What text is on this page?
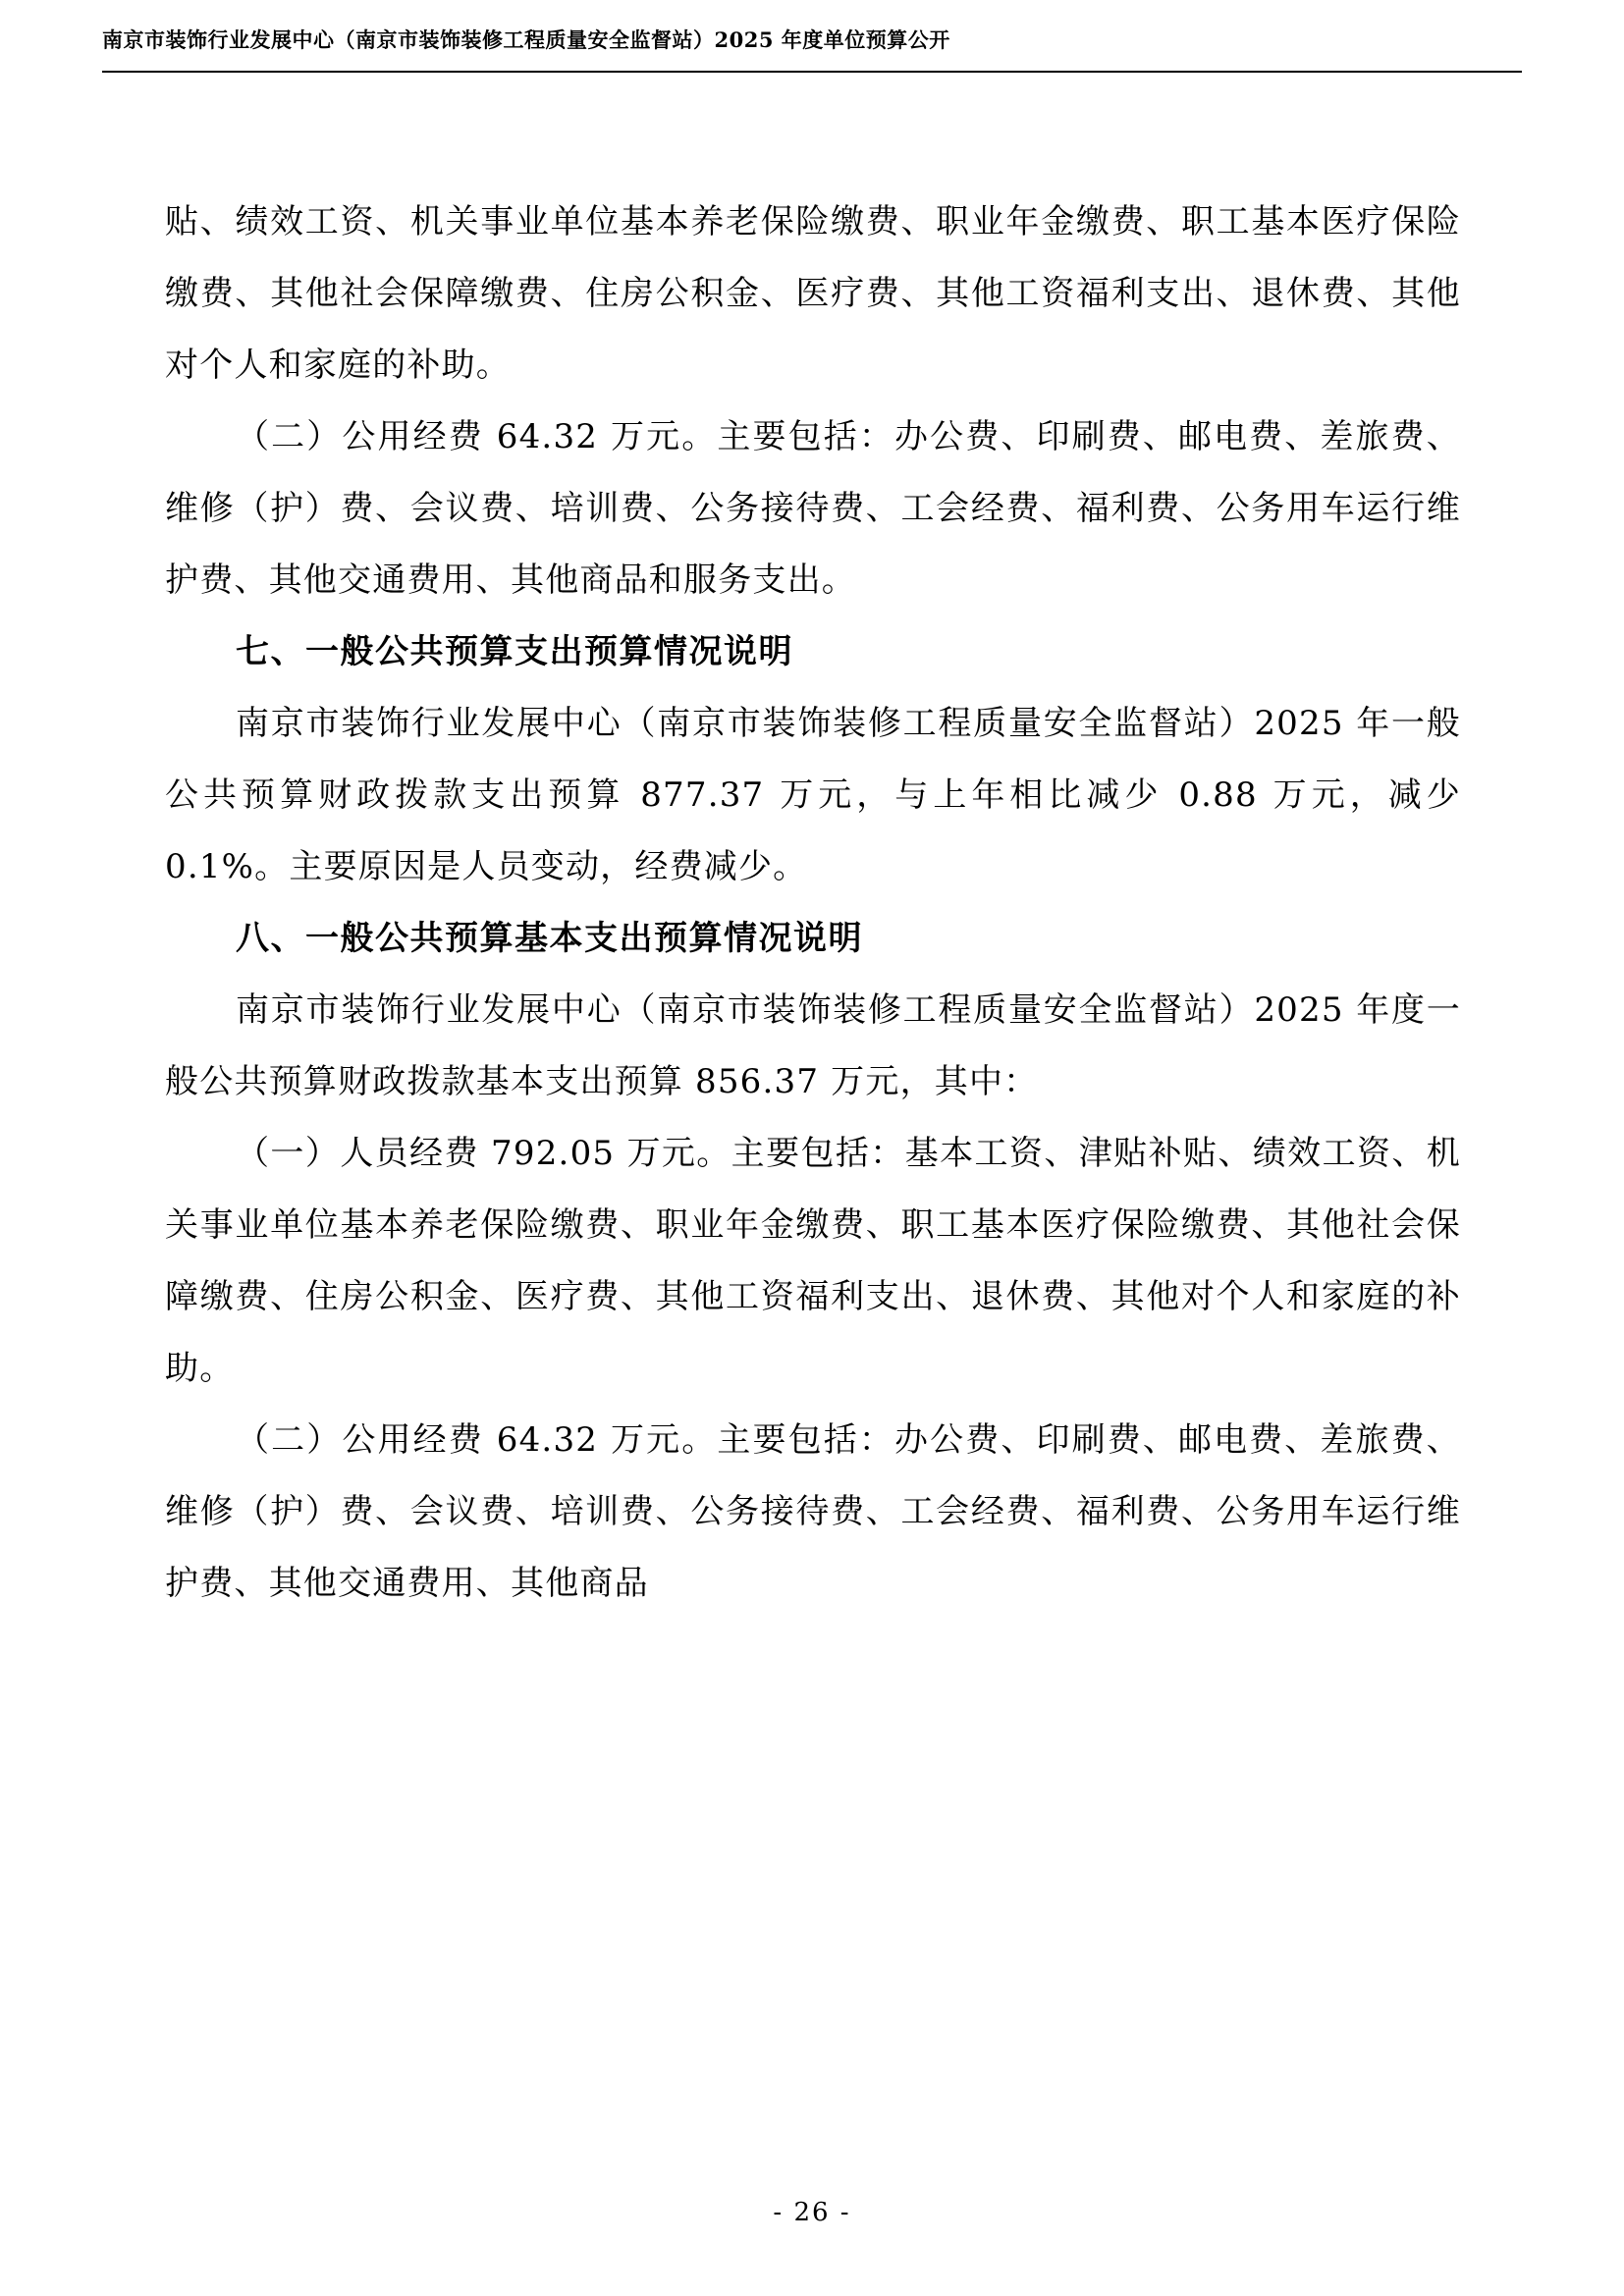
南京市装饰行业发展中心（南京市装饰装修工程质量安全监督站）2025 年度单位预算公开

贴、绩效工资、机关事业单位基本养老保险缴费、职业年金缴费、职工基本医疗保险缴费、其他社会保障缴费、住房公积金、医疗费、其他工资福利支出、退休费、其他对个人和家庭的补助。

（二）公用经费 64.32 万元。主要包括：办公费、印刷费、邮电费、差旅费、维修（护）费、会议费、培训费、公务接待费、工会经费、福利费、公务用车运行维护费、其他交通费用、其他商品和服务支出。

七、一般公共预算支出预算情况说明

南京市装饰行业发展中心（南京市装饰装修工程质量安全监督站）2025 年一般公共预算财政拨款支出预算 877.37 万元，与上年相比减少 0.88 万元，减少 0.1%。主要原因是人员变动，经费减少。

八、一般公共预算基本支出预算情况说明

南京市装饰行业发展中心（南京市装饰装修工程质量安全监督站）2025 年度一般公共预算财政拨款基本支出预算 856.37 万元，其中：

（一）人员经费 792.05 万元。主要包括：基本工资、津贴补贴、绩效工资、机关事业单位基本养老保险缴费、职业年金缴费、职工基本医疗保险缴费、其他社会保障缴费、住房公积金、医疗费、其他工资福利支出、退休费、其他对个人和家庭的补助。

（二）公用经费 64.32 万元。主要包括：办公费、印刷费、邮电费、差旅费、维修（护）费、会议费、培训费、公务接待费、工会经费、福利费、公务用车运行维护费、其他交通费用、其他商品

- 26 -
